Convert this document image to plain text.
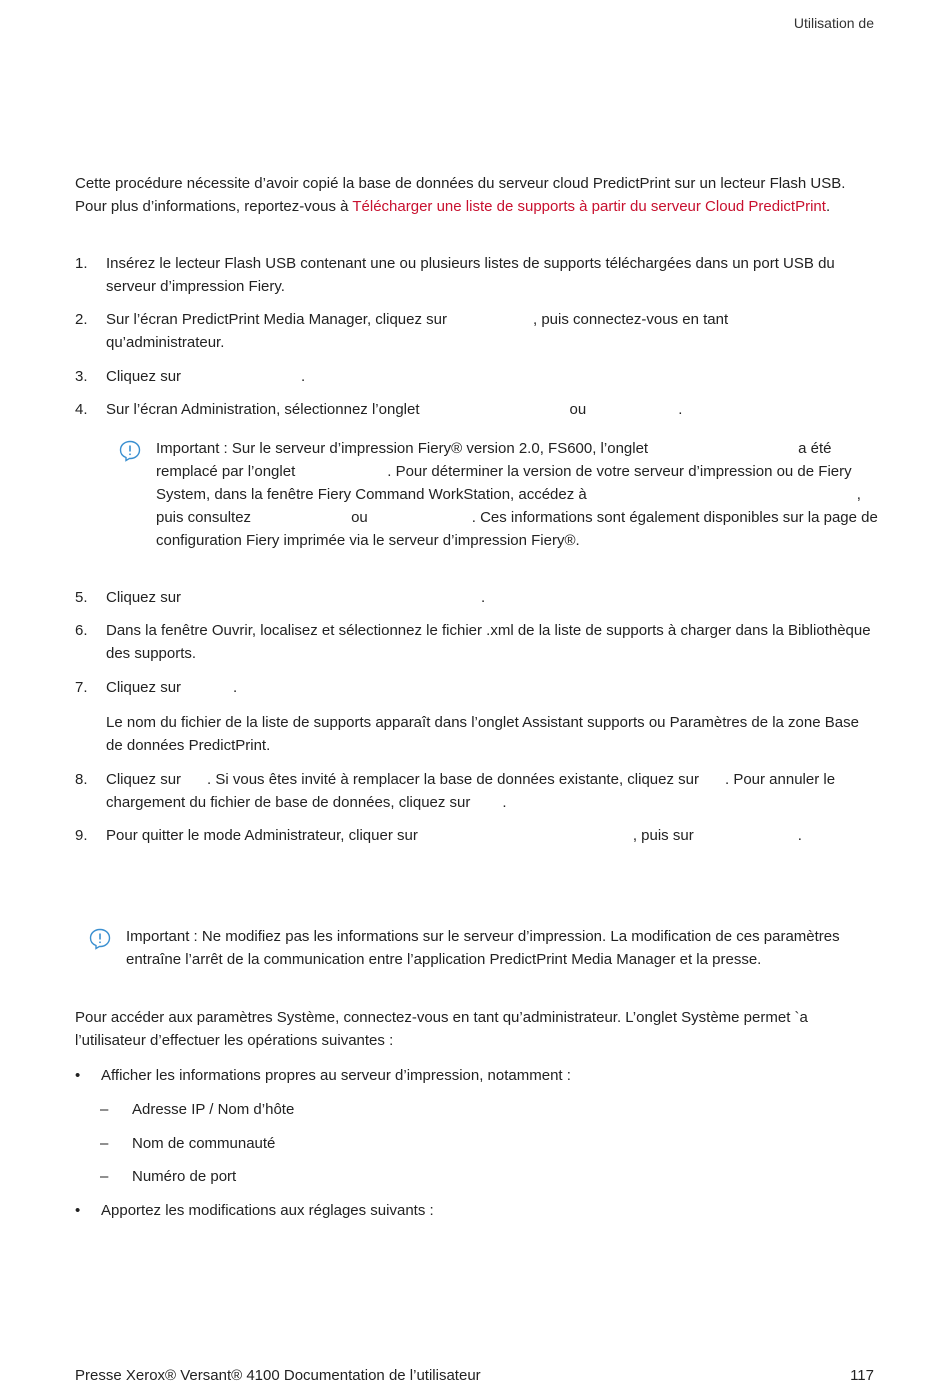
Utilisation de
Cette procédure nécessite d’avoir copié la base de données du serveur cloud PredictPrint sur un lecteur Flash USB. Pour plus d’informations, reportez-vous à Télécharger une liste de supports à partir du serveur Cloud PredictPrint.
1.	Insérez le lecteur Flash USB contenant une ou plusieurs listes de supports téléchargées dans un port USB du serveur d’impression Fiery.
2.	Sur l’écran PredictPrint Media Manager, cliquez sur	, puis connectez-vous en tant
qu’administrateur.
3.	Cliquez sur	.
4.	Sur l’écran Administration, sélectionnez l’onglet	ou	.
Important : Sur le serveur d’impression Fiery® version 2.0, FS600, l’onglet	a été remplacé par l’onglet	. Pour déterminer la version de votre serveur d’impression ou de Fiery System, dans la fenêtre Fiery Command WorkStation, accédez à	, puis consultez	ou	. Ces informations sont également disponibles sur la page de configuration Fiery imprimée via le serveur d’impression Fiery®.
5.	Cliquez sur	.
6.	Dans la fenêtre Ouvrir, localisez et sélectionnez le fichier .xml de la liste de supports à charger dans la Bibliothèque des supports.
7.	Cliquez sur	.
Le nom du fichier de la liste de supports apparaît dans l’onglet Assistant supports ou Paramètres de la zone Base de données PredictPrint.
8.	Cliquez sur . Si vous êtes invité à remplacer la base de données existante, cliquez sur . Pour annuler le chargement du fichier de base de données, cliquez sur .
9.	Pour quitter le mode Administrateur, cliquer sur	, puis sur	.
Important : Ne modifiez pas les informations sur le serveur d’impression. La modification de ces paramètres entraîne l’arrêt de la communication entre l’application PredictPrint Media Manager et la presse.
Pour accéder aux paramètres Système, connectez-vous en tant qu’administrateur. L’onglet Système permet `a l’utilisateur d’effectuer les opérations suivantes :
• Afficher les informations propres au serveur d’impression, notamment :
– Adresse IP / Nom d’hôte
– Nom de communauté
– Numéro de port
• Apportez les modifications aux réglages suivants :
Presse Xerox® Versant® 4100 Documentation de l’utilisateur	117
